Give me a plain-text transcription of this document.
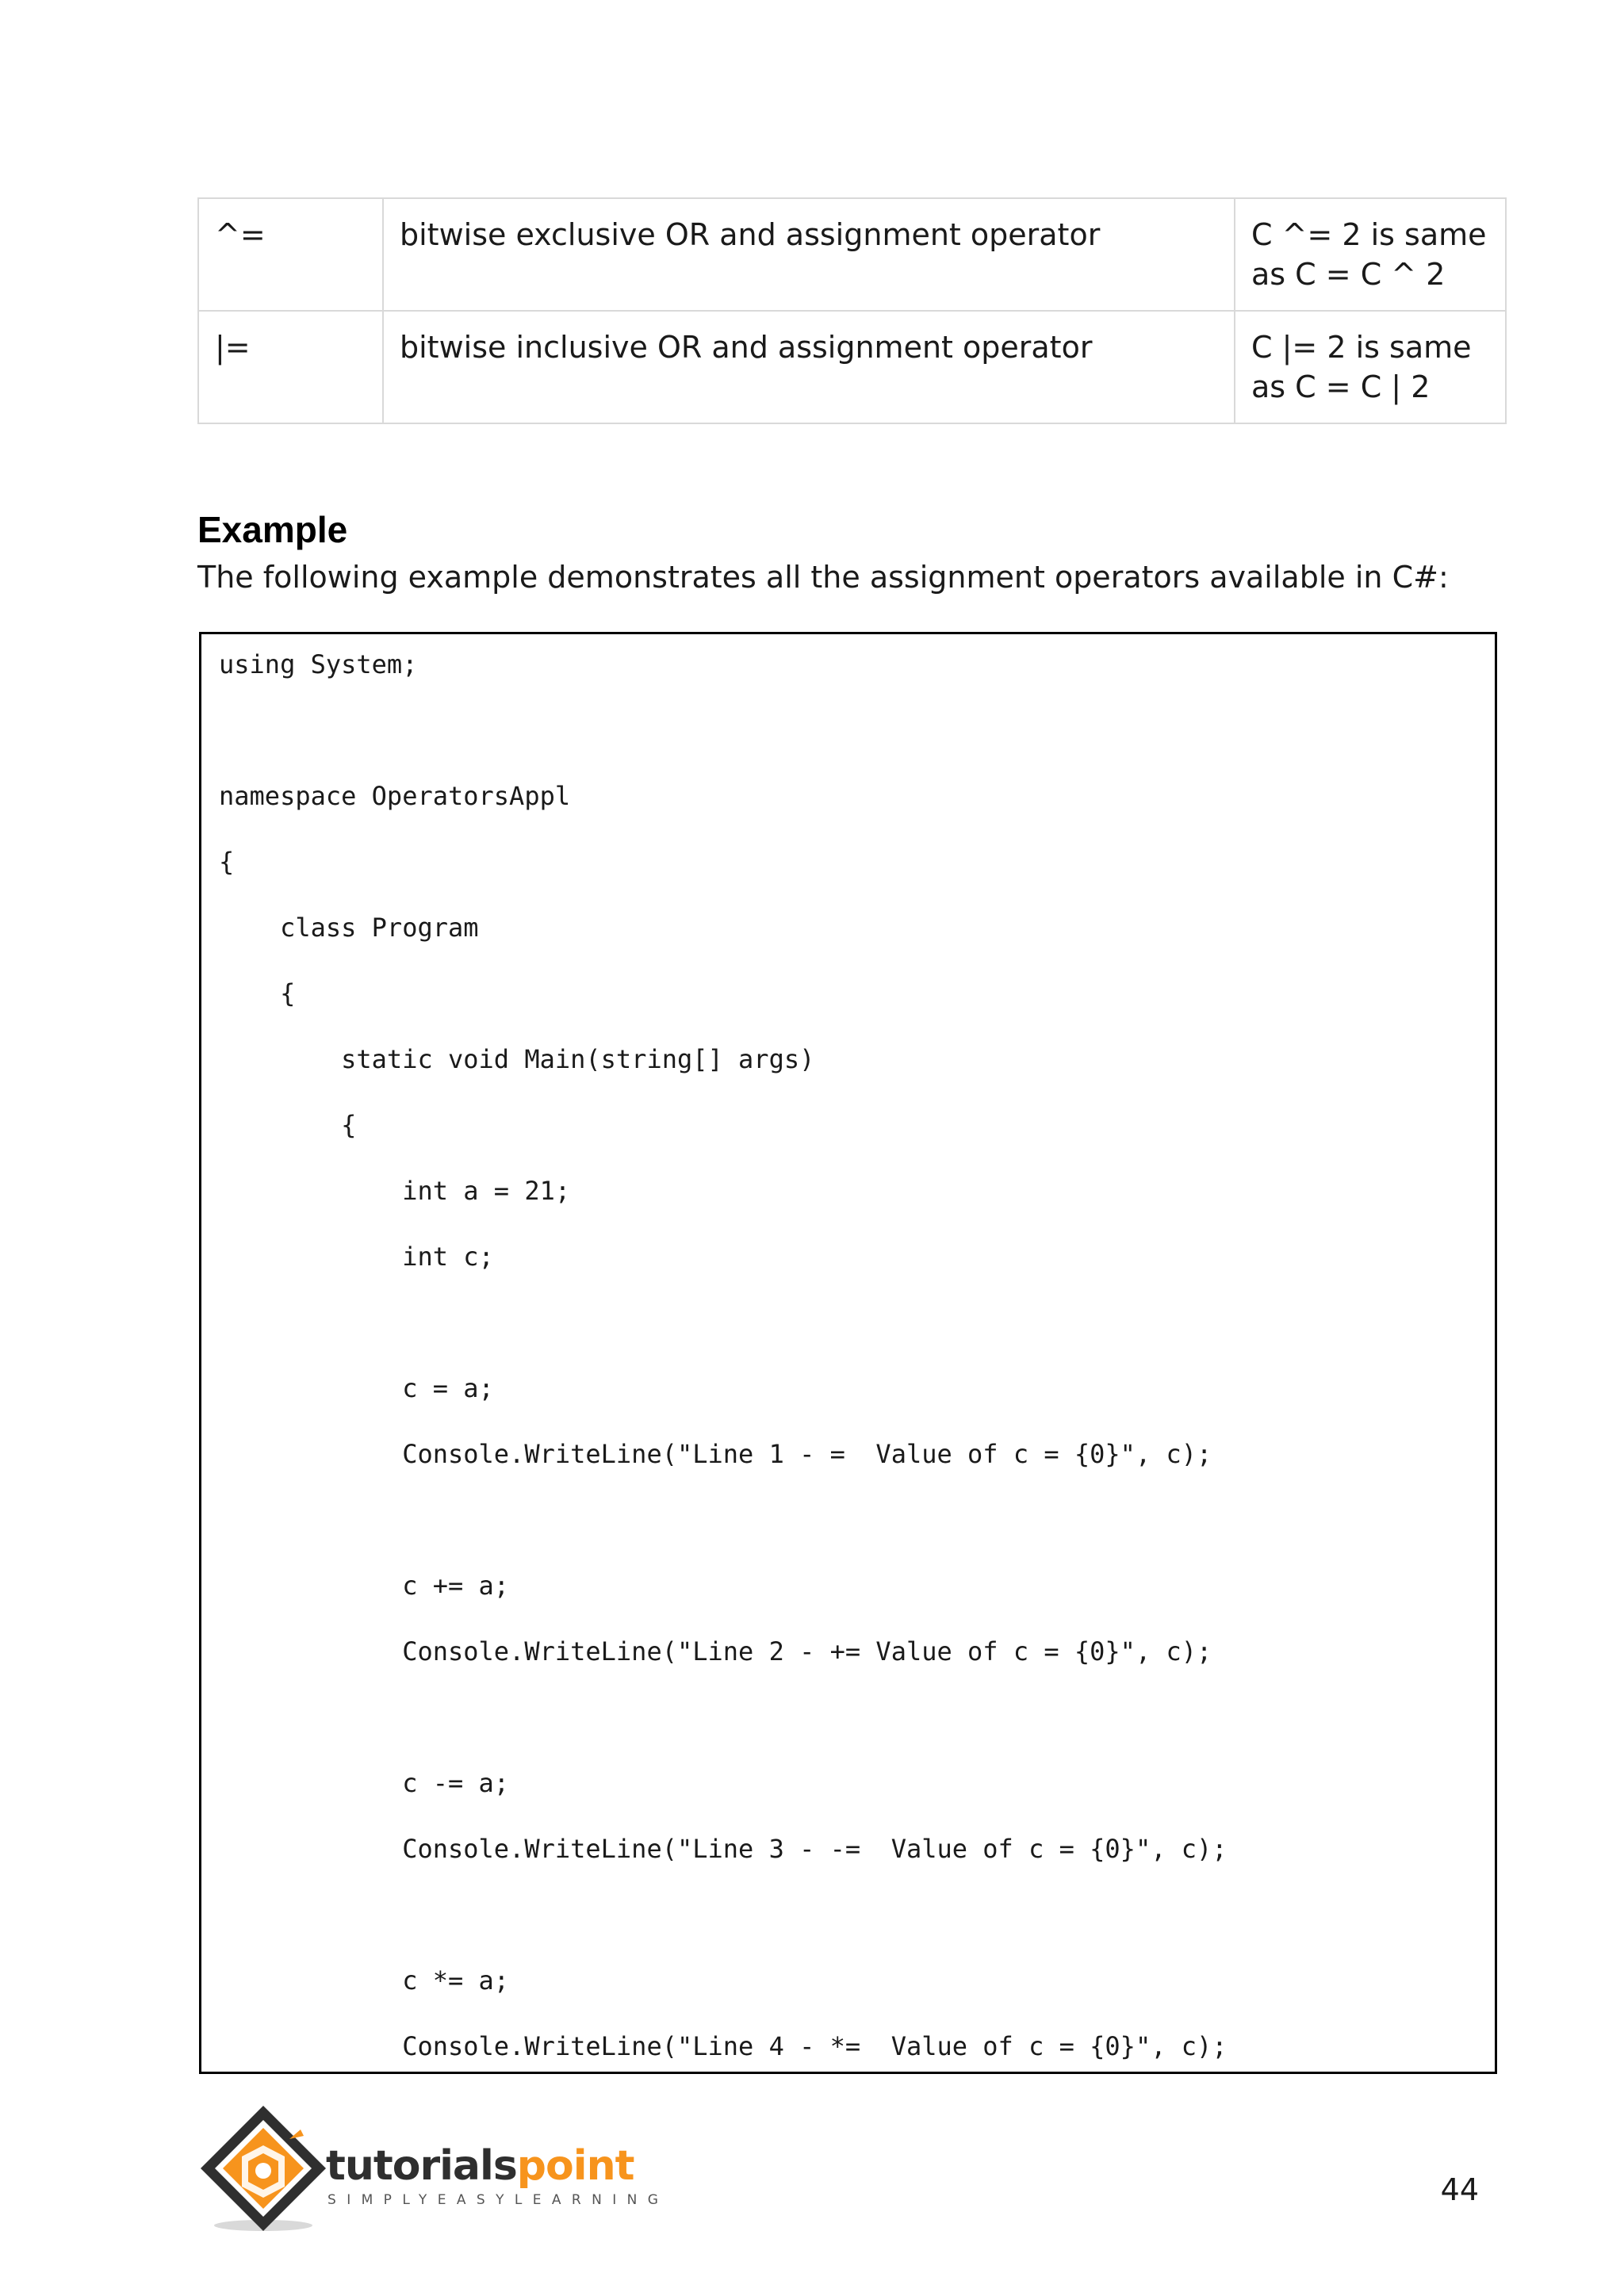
^=	bitwise exclusive OR and assignment operator	C ^= 2 is same
as C = C ^ 2

|=	bitwise inclusive OR and assignment operator	C |= 2 is same
as C = C | 2
Example

The following example demonstrates all the assignment operators available in C#:

using System;
namespace OperatorsAppl
{
class Program
{
static void Main(string[] args)
{
int a = 21;
int c;
c = a;
Console.WriteLine("Line 1 - =  Value of c = {0}", c);
c += a;
Console.WriteLine("Line 2 - += Value of c = {0}", c);
c -= a;
Console.WriteLine("Line 3 - -=  Value of c = {0}", c);
c *= a;
Console.WriteLine("Line 4 - *=  Value of c = {0}", c);
tutorialspoint
SIMPLYEASYLEARNING	44
